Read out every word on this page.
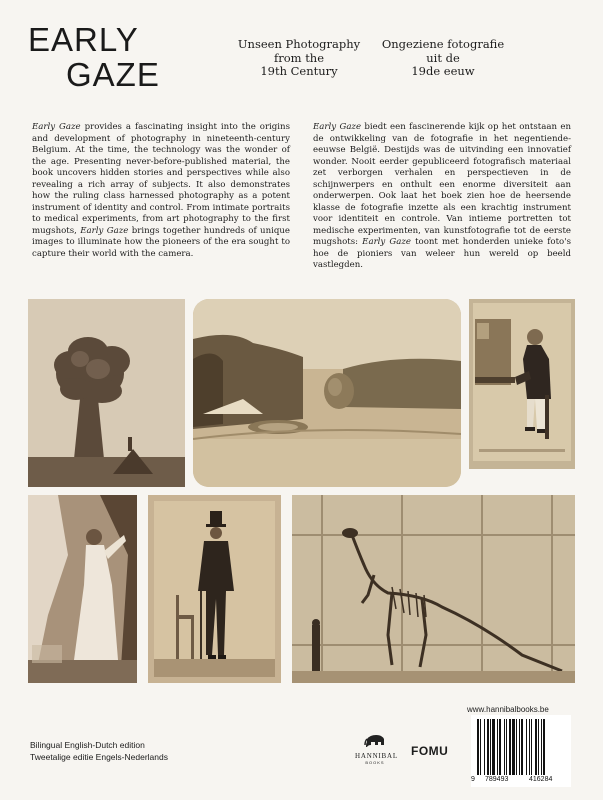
EARLY
GAZE
Unseen Photography
from the
19th Century
Ongeziene fotografie
uit de
19de eeuw

Early Gaze provides a fascinating insight into the origins and development of photography in nineteenth-century Belgium. At the time, the technology was the wonder of the age. Presenting never-before-published material, the book uncovers hidden stories and perspectives while also revealing a rich array of subjects. It also demonstrates how the ruling class harnessed photography as a potent instrument of identity and control. From intimate portraits to medical experiments, from art photography to the first mugshots, Early Gaze brings together hundreds of unique images to illuminate how the pioneers of the era sought to capture their world with the camera.

Early Gaze biedt een fascinerende kijk op het ontstaan en de ontwikkeling van de fotografie in het negentiende-eeuwse België. Destijds was de uitvinding een innovatief wonder. Nooit eerder gepubliceerd fotografisch materiaal zet verborgen verhalen en perspectieven in de schijnwerpers en onthult een enorme diversiteit aan onderwerpen. Ook laat het boek zien hoe de heersende klasse de fotografie inzette als een krachtig instrument voor identiteit en controle. Van intieme portretten tot medische experimenten, van kunstfotografie tot de eerste mugshots: Early Gaze toont met honderden unieke foto's hoe de pioniers van weleer hun wereld op beeld vastlegden.

Bilingual English-Dutch edition
Tweetalige editie Engels-Nederlands	HANNIBAL
BOOKS
FOMU
www.hannibalbooks.be
9 789493	416284
